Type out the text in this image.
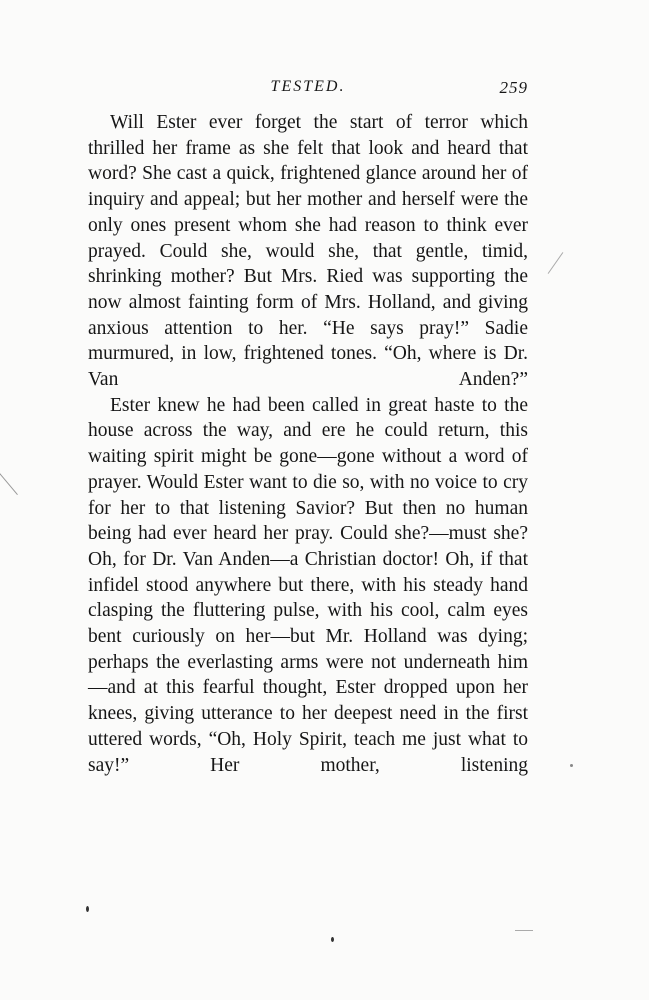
TESTED.	259

Will Ester ever forget the start of terror which thrilled her frame as she felt that look and heard that word? She cast a quick, frightened glance around her of inquiry and appeal; but her mother and herself were the only ones present whom she had reason to think ever prayed. Could she, would she, that gentle, timid, shrinking mother? But Mrs. Ried was supporting the now almost fainting form of Mrs. Holland, and giving anxious attention to her. “He says pray!” Sadie murmured, in low, frightened tones. “Oh, where is Dr. Van Anden?”

Ester knew he had been called in great haste to the house across the way, and ere he could return, this waiting spirit might be gone—gone without a word of prayer. Would Ester want to die so, with no voice to cry for her to that listening Savior? But then no human being had ever heard her pray. Could she?—must she? Oh, for Dr. Van Anden—a Christian doctor! Oh, if that infidel stood anywhere but there, with his steady hand clasping the fluttering pulse, with his cool, calm eyes bent curiously on her—but Mr. Holland was dying; perhaps the everlasting arms were not underneath him—and at this fearful thought, Ester dropped upon her knees, giving utterance to her deepest need in the first uttered words, “Oh, Holy Spirit, teach me just what to say!” Her mother, listening
